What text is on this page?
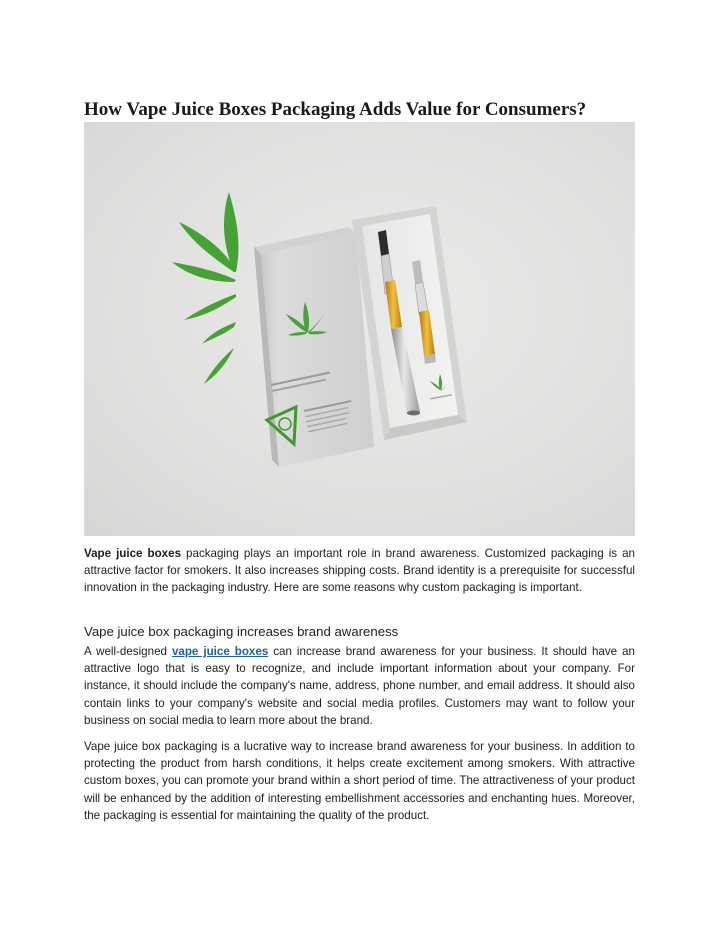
How Vape Juice Boxes Packaging Adds Value for Consumers?
Vape juice boxes packaging plays an important role in brand awareness. Customized packaging is an attractive factor for smokers. It also increases shipping costs. Brand identity is a prerequisite for successful innovation in the packaging industry. Here are some reasons why custom packaging is important.
Vape juice box packaging increases brand awareness
A well-designed vape juice boxes can increase brand awareness for your business. It should have an attractive logo that is easy to recognize, and include important information about your company. For instance, it should include the company's name, address, phone number, and email address. It should also contain links to your company's website and social media profiles. Customers may want to follow your business on social media to learn more about the brand.
Vape juice box packaging is a lucrative way to increase brand awareness for your business. In addition to protecting the product from harsh conditions, it helps create excitement among smokers. With attractive custom boxes, you can promote your brand within a short period of time. The attractiveness of your product will be enhanced by the addition of interesting embellishment accessories and enchanting hues. Moreover, the packaging is essential for maintaining the quality of the product.
